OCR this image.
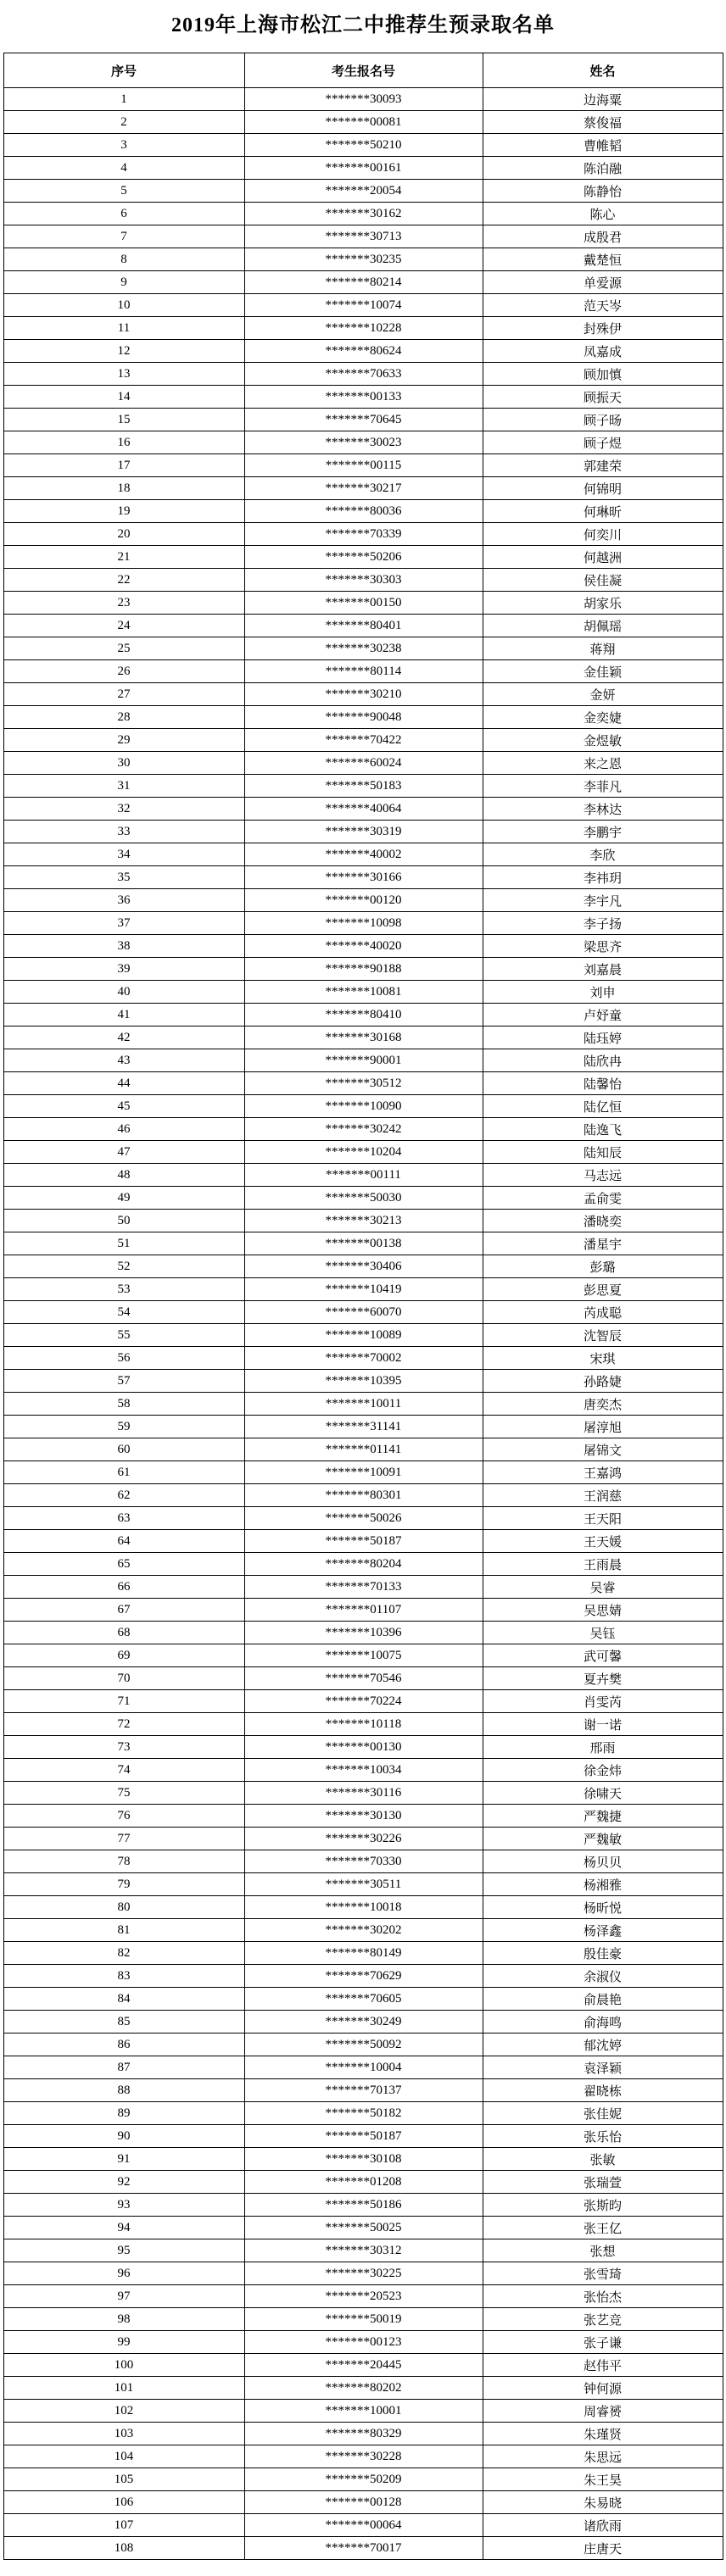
2019年上海市松江二中推荐生预录取名单
序号	考生报名号	姓名
1	*******30093	边海粟
2	*******00081	蔡俊福
3	*******50210	曹帷韬
4	*******00161	陈泊融
5	*******20054	陈静怡
6	*******30162	陈心
7	*******30713	成殷君
8	*******30235	戴楚恒
9	*******80214	单爱源
10	*******10074	范天岑
11	*******10228	封殊伊
12	*******80624	凤嘉成
13	*******70633	顾加慎
14	*******00133	顾振天
15	*******70645	顾子旸
16	*******30023	顾子煜
17	*******00115	郭建荣
18	*******30217	何锦明
19	*******80036	何琳昕
20	*******70339	何奕川
21	*******50206	何越洲
22	*******30303	侯佳凝
23	*******00150	胡家乐
24	*******80401	胡佩瑶
25	*******30238	蒋翔
26	*******80114	金佳颖
27	*******30210	金妍
28	*******90048	金奕婕
29	*******70422	金煜敏
30	*******60024	来之恩
31	*******50183	李菲凡
32	*******40064	李林达
33	*******30319	李鹏宇
34	*******40002	李欣
35	*******30166	李祎玥
36	*******00120	李宇凡
37	*******10098	李子扬
38	*******40020	梁思齐
39	*******90188	刘嘉晨
40	*******10081	刘申
41	*******80410	卢妤童
42	*******30168	陆珏婷
43	*******90001	陆欣冉
44	*******30512	陆馨怡
45	*******10090	陆亿恒
46	*******30242	陆逸飞
47	*******10204	陆知辰
48	*******00111	马志远
49	*******50030	孟俞雯
50	*******30213	潘晓奕
51	*******00138	潘星宇
52	*******30406	彭璐
53	*******10419	彭思夏
54	*******60070	芮成聪
55	*******10089	沈智辰
56	*******70002	宋琪
57	*******10395	孙路婕
58	*******10011	唐奕杰
59	*******31141	屠淳旭
60	*******01141	屠锦文
61	*******10091	王嘉鸿
62	*******80301	王润慈
63	*******50026	王天阳
64	*******50187	王天媛
65	*******80204	王雨晨
66	*******70133	吴睿
67	*******01107	吴思婧
68	*******10396	吴钰
69	*******10075	武可馨
70	*******70546	夏卉樊
71	*******70224	肖雯芮
72	*******10118	谢一诺
73	*******00130	邢雨
74	*******10034	徐金炜
75	*******30116	徐啸天
76	*******30130	严魏捷
77	*******30226	严魏敏
78	*******70330	杨贝贝
79	*******30511	杨湘雅
80	*******10018	杨昕悦
81	*******30202	杨泽鑫
82	*******80149	殷佳豪
83	*******70629	余淑仪
84	*******70605	俞晨艳
85	*******30249	俞海鸣
86	*******50092	郁沈婷
87	*******10004	袁泽颖
88	*******70137	翟晓栋
89	*******50182	张佳妮
90	*******50187	张乐怡
91	*******30108	张敏
92	*******01208	张瑞萱
93	*******50186	张斯昀
94	*******50025	张王亿
95	*******30312	张想
96	*******30225	张雪琦
97	*******20523	张怡杰
98	*******50019	张艺竞
99	*******00123	张子谦
100	*******20445	赵伟平
101	*******80202	钟何源
102	*******10001	周睿赟
103	*******80329	朱瑾贤
104	*******30228	朱思远
105	*******50209	朱王昊
106	*******00128	朱易晓
107	*******00064	诸欣雨
108	*******70017	庄唐天
